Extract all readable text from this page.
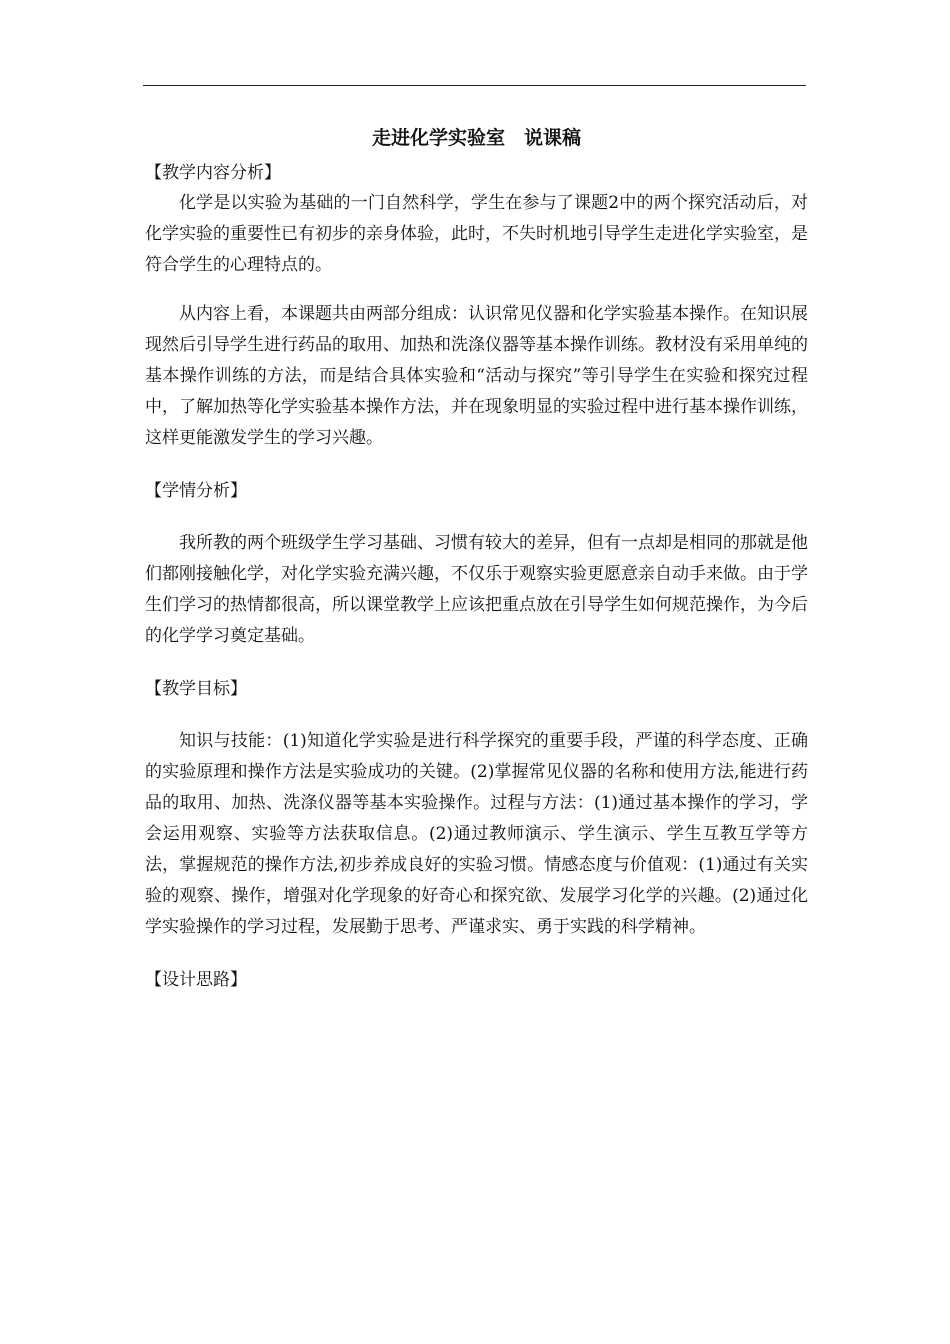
走进化学实验室　说课稿
【教学内容分析】

化学是以实验为基础的一门自然科学，学生在参与了课题2中的两个探究活动后，对化学实验的重要性已有初步的亲身体验，此时，不失时机地引导学生走进化学实验室，是符合学生的心理特点的。

从内容上看，本课题共由两部分组成：认识常见仪器和化学实验基本操作。在知识展现然后引导学生进行药品的取用、加热和洗涤仪器等基本操作训练。教材没有采用单纯的基本操作训练的方法，而是结合具体实验和“活动与探究”等引导学生在实验和探究过程中，了解加热等化学实验基本操作方法，并在现象明显的实验过程中进行基本操作训练，这样更能激发学生的学习兴趣。

【学情分析】

我所教的两个班级学生学习基础、习惯有较大的差异，但有一点却是相同的那就是他们都刚接触化学，对化学实验充满兴趣，不仅乐于观察实验更愿意亲自动手来做。由于学生们学习的热情都很高，所以课堂教学上应该把重点放在引导学生如何规范操作，为今后的化学学习奠定基础。

【教学目标】

知识与技能：(1)知道化学实验是进行科学探究的重要手段，严谨的科学态度、正确的实验原理和操作方法是实验成功的关键。(2)掌握常见仪器的名称和使用方法,能进行药品的取用、加热、洗涤仪器等基本实验操作。过程与方法：(1)通过基本操作的学习，学会运用观察、实验等方法获取信息。(2)通过教师演示、学生演示、学生互教互学等方法，掌握规范的操作方法,初步养成良好的实验习惯。情感态度与价值观：(1)通过有关实验的观察、操作，增强对化学现象的好奇心和探究欲、发展学习化学的兴趣。(2)通过化学实验操作的学习过程，发展勤于思考、严谨求实、勇于实践的科学精神。

【设计思路】
